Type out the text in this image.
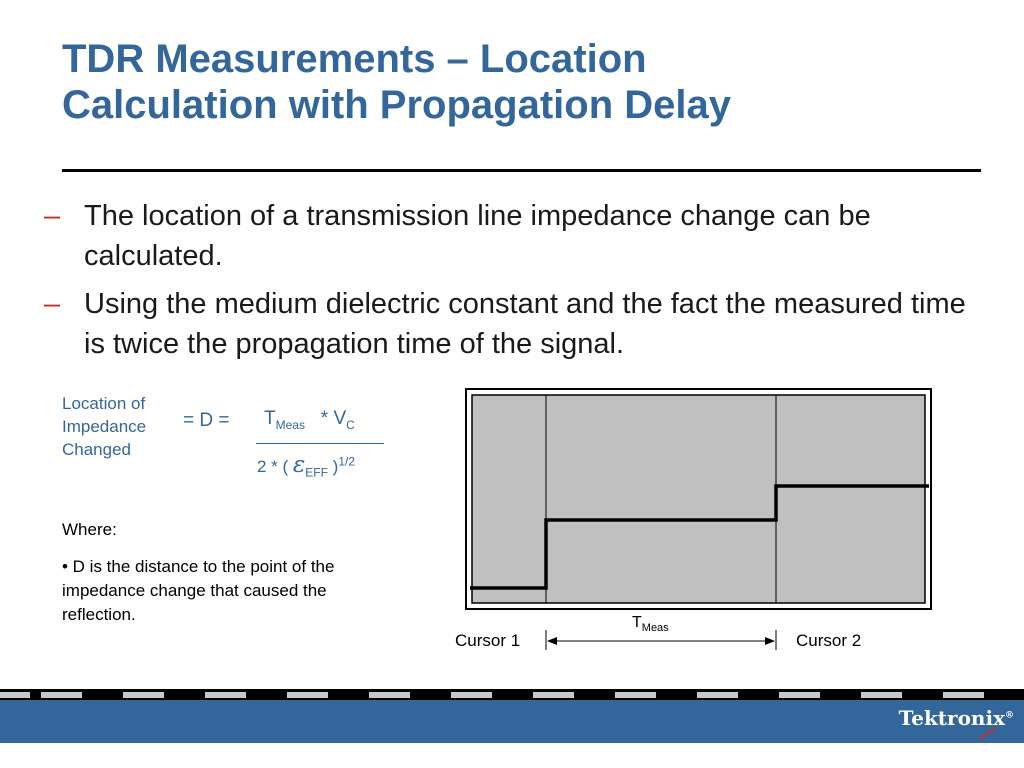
TDR Measurements – Location
Calculation with Propagation Delay
– The location of a transmission line impedance change can be calculated.
– Using the medium dielectric constant and the fact the measured time is twice the propagation time of the signal.
Location of
Impedance
Changed
= $D = T_{Meas} * V_C$
2 * ( $\varepsilon_{EFF}$ )$^{1/2}$
Where:
• D is the distance to the point of the impedance change that caused the reflection.	$T_{Meas}$
Cursor 1	Cursor 2
Tektronix®
